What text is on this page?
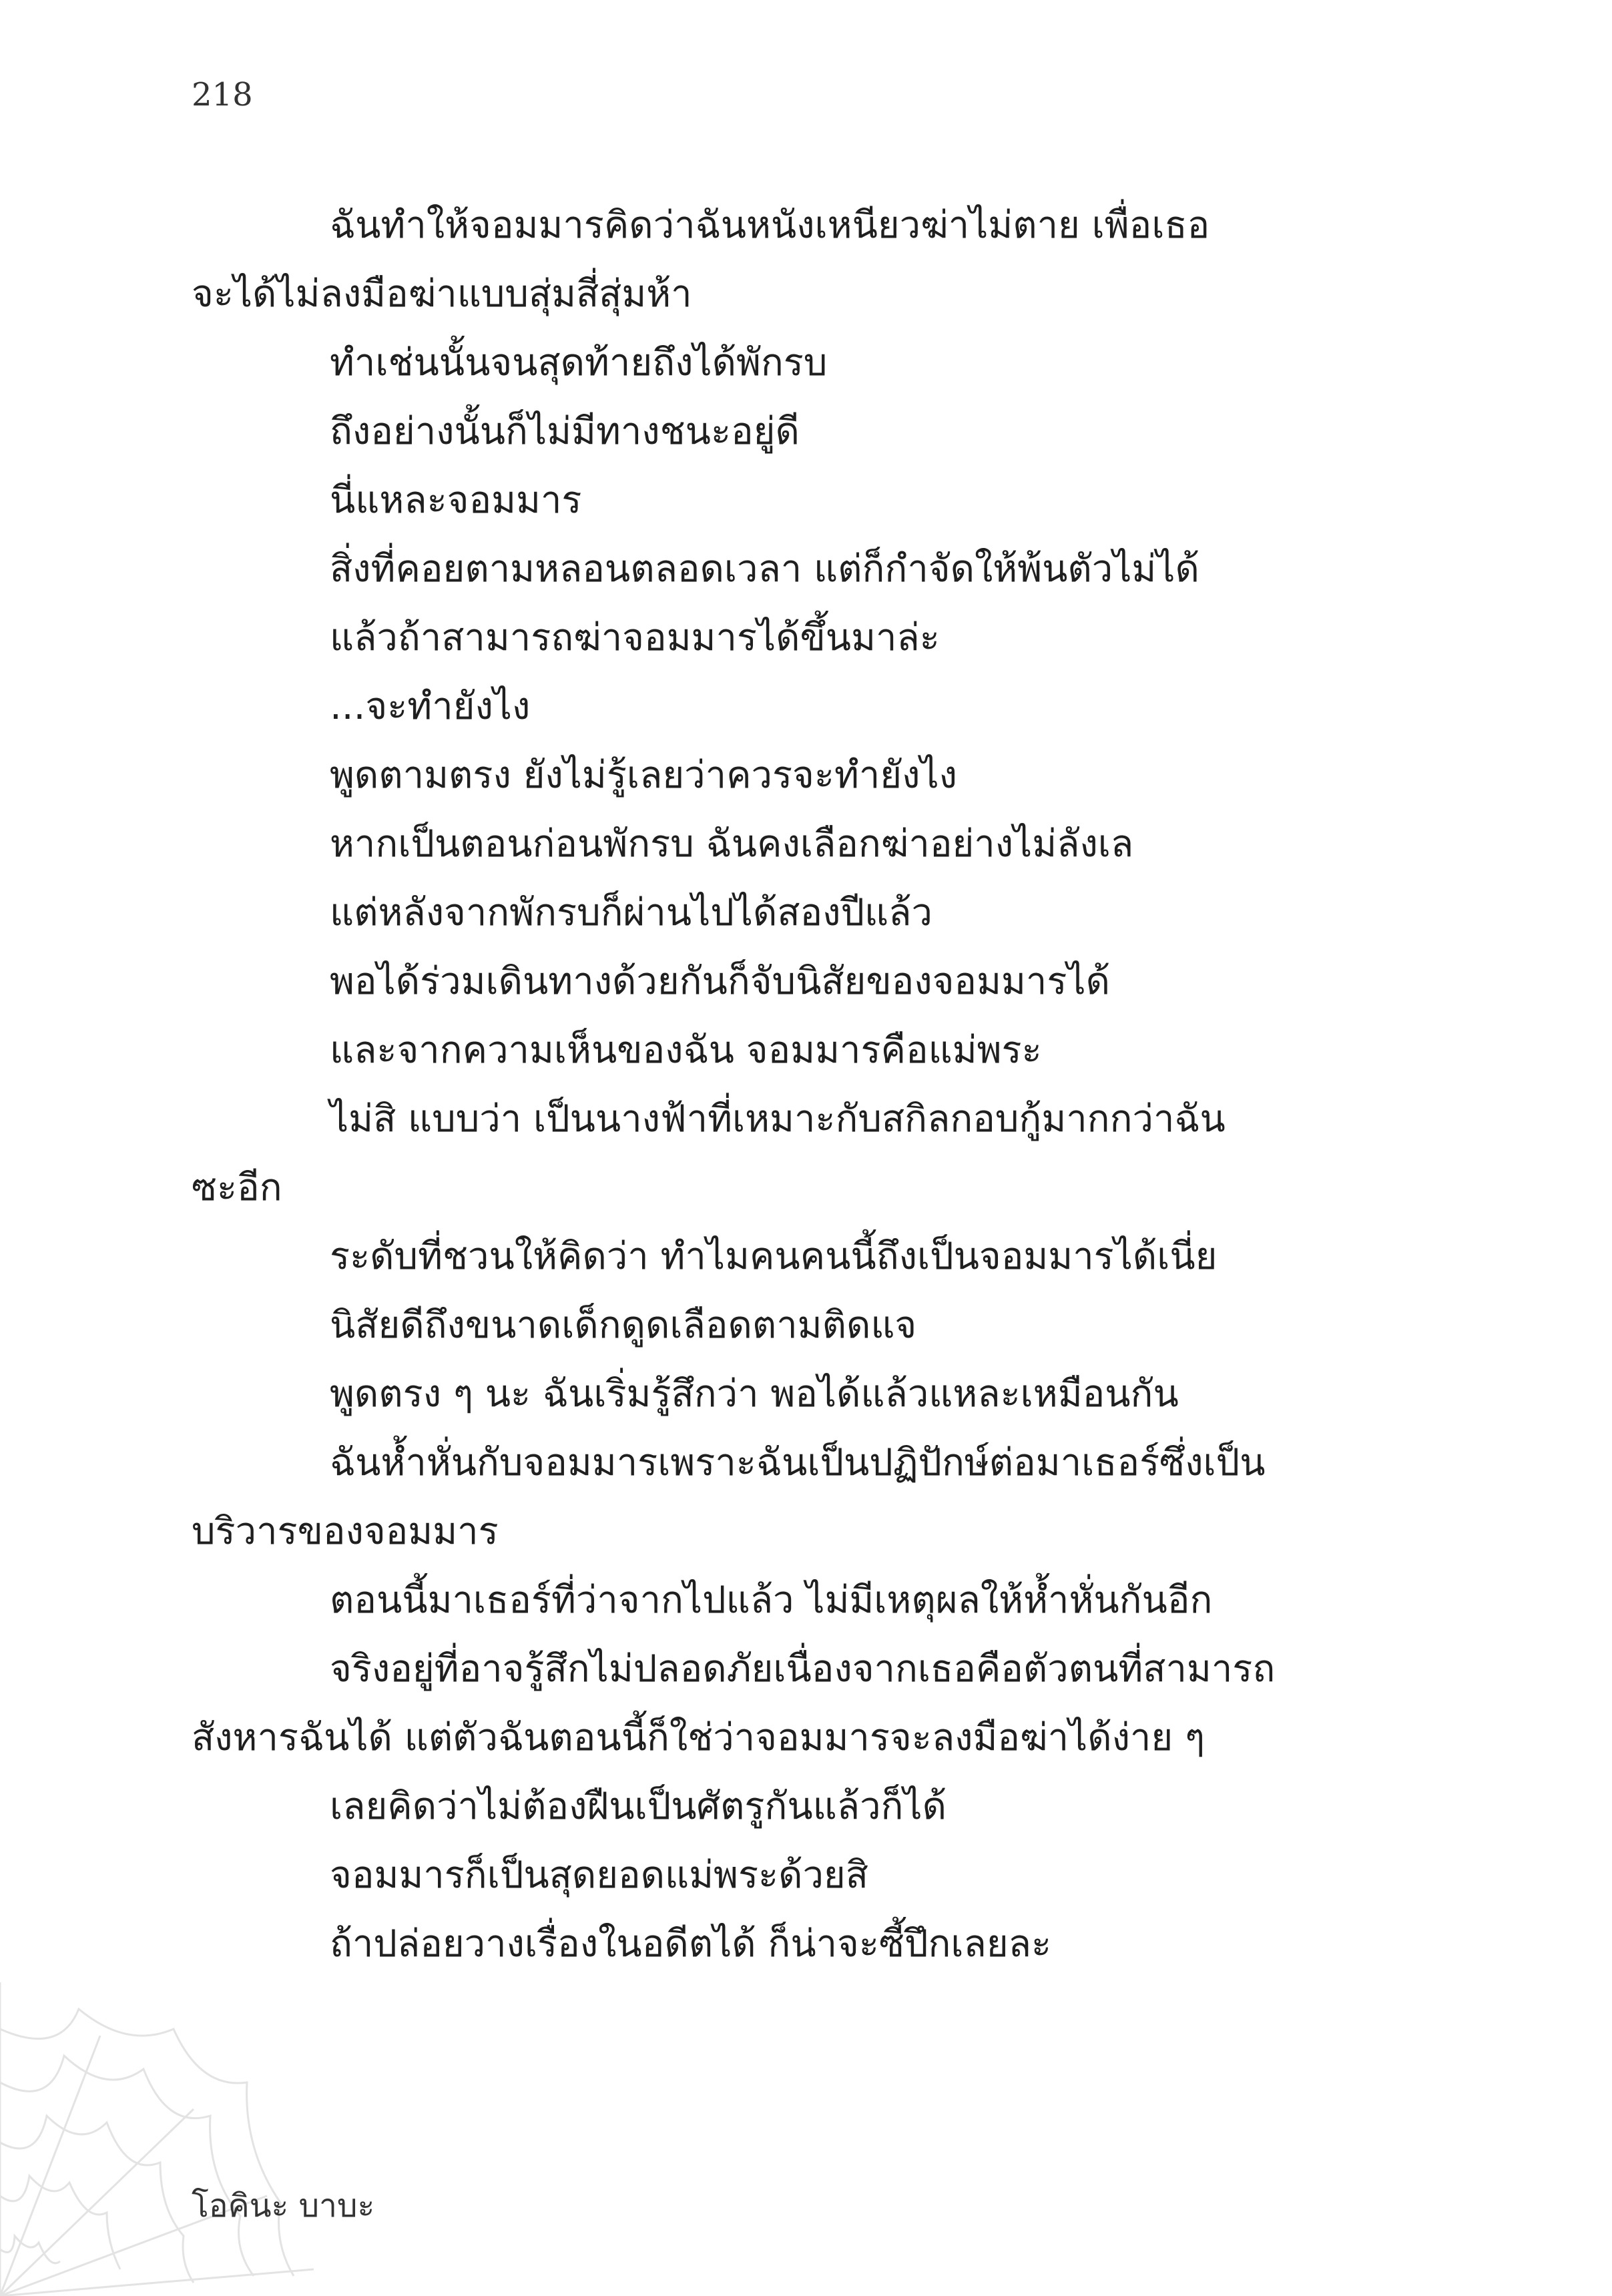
218
ฉันทำให้จอมมารคิดว่าฉันหนังเหนียวฆ่าไม่ตาย เพื่อเธอ
จะได้ไม่ลงมือฆ่าแบบสุ่มสี่สุ่มห้า
ทำเช่นนั้นจนสุดท้ายถึงได้พักรบ
ถึงอย่างนั้นก็ไม่มีทางชนะอยู่ดี
นี่แหละจอมมาร
สิ่งที่คอยตามหลอนตลอดเวลา แต่ก็กำจัดให้พ้นตัวไม่ได้
แล้วถ้าสามารถฆ่าจอมมารได้ขึ้นมาล่ะ
...จะทำยังไง
พูดตามตรง ยังไม่รู้เลยว่าควรจะทำยังไง
หากเป็นตอนก่อนพักรบ ฉันคงเลือกฆ่าอย่างไม่ลังเล
แต่หลังจากพักรบก็ผ่านไปได้สองปีแล้ว
พอได้ร่วมเดินทางด้วยกันก็จับนิสัยของจอมมารได้
และจากความเห็นของฉัน จอมมารคือแม่พระ
ไม่สิ แบบว่า เป็นนางฟ้าที่เหมาะกับสกิลกอบกู้มากกว่าฉัน
ซะอีก
ระดับที่ชวนให้คิดว่า ทำไมคนคนนี้ถึงเป็นจอมมารได้เนี่ย
นิสัยดีถึงขนาดเด็กดูดเลือดตามติดแจ
พูดตรง ๆ นะ ฉันเริ่มรู้สึกว่า พอได้แล้วแหละเหมือนกัน
ฉันห้ำหั่นกับจอมมารเพราะฉันเป็นปฏิปักษ์ต่อมาเธอร์ซึ่งเป็น
บริวารของจอมมาร
ตอนนี้มาเธอร์ที่ว่าจากไปแล้ว ไม่มีเหตุผลให้ห้ำหั่นกันอีก
จริงอยู่ที่อาจรู้สึกไม่ปลอดภัยเนื่องจากเธอคือตัวตนที่สามารถ
สังหารฉันได้ แต่ตัวฉันตอนนี้ก็ใช่ว่าจอมมารจะลงมือฆ่าได้ง่าย ๆ
เลยคิดว่าไม่ต้องฝืนเป็นศัตรูกันแล้วก็ได้
จอมมารก็เป็นสุดยอดแม่พระด้วยสิ
ถ้าปล่อยวางเรื่องในอดีตได้ ก็น่าจะซี้ปึกเลยละ
โอคินะ บาบะ
